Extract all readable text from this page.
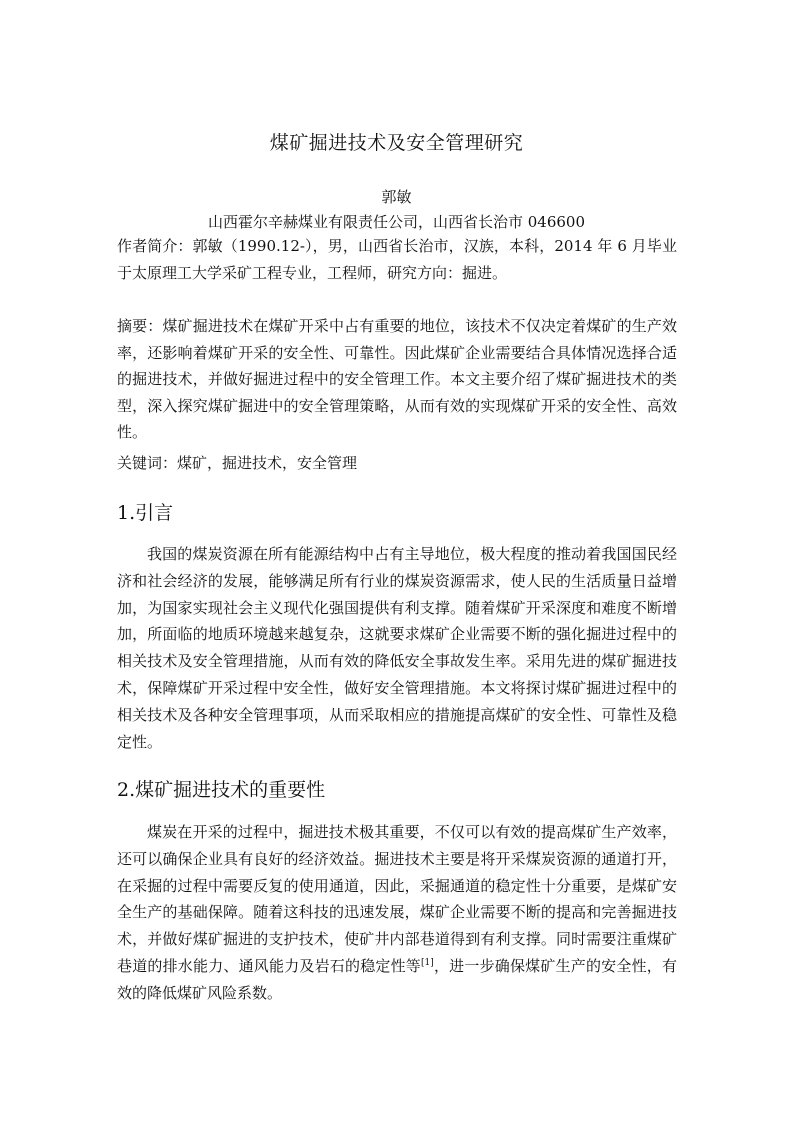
煤矿掘进技术及安全管理研究
郭敏
山西霍尔辛赫煤业有限责任公司，山西省长治市 046600
作者简介：郭敏（1990.12-），男，山西省长治市，汉族，本科，2014 年 6 月毕业于太原理工大学采矿工程专业，工程师，研究方向：掘进。
摘要：煤矿掘进技术在煤矿开采中占有重要的地位，该技术不仅决定着煤矿的生产效率，还影响着煤矿开采的安全性、可靠性。因此煤矿企业需要结合具体情况选择合适的掘进技术，并做好掘进过程中的安全管理工作。本文主要介绍了煤矿掘进技术的类型，深入探究煤矿掘进中的安全管理策略，从而有效的实现煤矿开采的安全性、高效性。
关键词：煤矿，掘进技术，安全管理
1.引言
我国的煤炭资源在所有能源结构中占有主导地位，极大程度的推动着我国国民经济和社会经济的发展，能够满足所有行业的煤炭资源需求，使人民的生活质量日益增加，为国家实现社会主义现代化强国提供有利支撑。随着煤矿开采深度和难度不断增加，所面临的地质环境越来越复杂，这就要求煤矿企业需要不断的强化掘进过程中的相关技术及安全管理措施，从而有效的降低安全事故发生率。采用先进的煤矿掘进技术，保障煤矿开采过程中安全性，做好安全管理措施。本文将探讨煤矿掘进过程中的相关技术及各种安全管理事项，从而采取相应的措施提高煤矿的安全性、可靠性及稳定性。
2.煤矿掘进技术的重要性
煤炭在开采的过程中，掘进技术极其重要，不仅可以有效的提高煤矿生产效率，还可以确保企业具有良好的经济效益。掘进技术主要是将开采煤炭资源的通道打开，在采掘的过程中需要反复的使用通道，因此，采掘通道的稳定性十分重要，是煤矿安全生产的基础保障。随着这科技的迅速发展，煤矿企业需要不断的提高和完善掘进技术，并做好煤矿掘进的支护技术，使矿井内部巷道得到有利支撑。同时需要注重煤矿巷道的排水能力、通风能力及岩石的稳定性等[1]，进一步确保煤矿生产的安全性，有效的降低煤矿风险系数。
